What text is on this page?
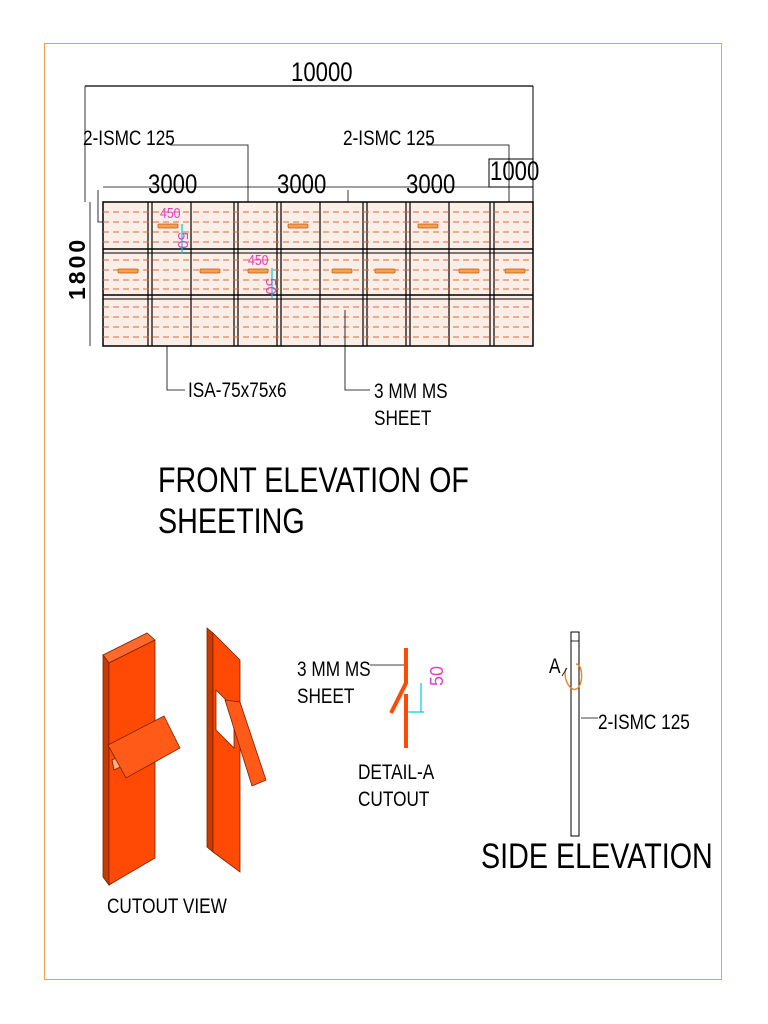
10000
2-ISMC 125	2-ISMC 125
3000	3000	3000 1000
1800
450
50
450
50
ISA-75x75x6	3 MM MS
SHEET
FRONT ELEVATION OF
SHEETING
CUTOUT VIEW
3 MM MS
SHEET
50
DETAIL-A
CUTOUT
A
2-ISMC 125
SIDE ELEVATION
